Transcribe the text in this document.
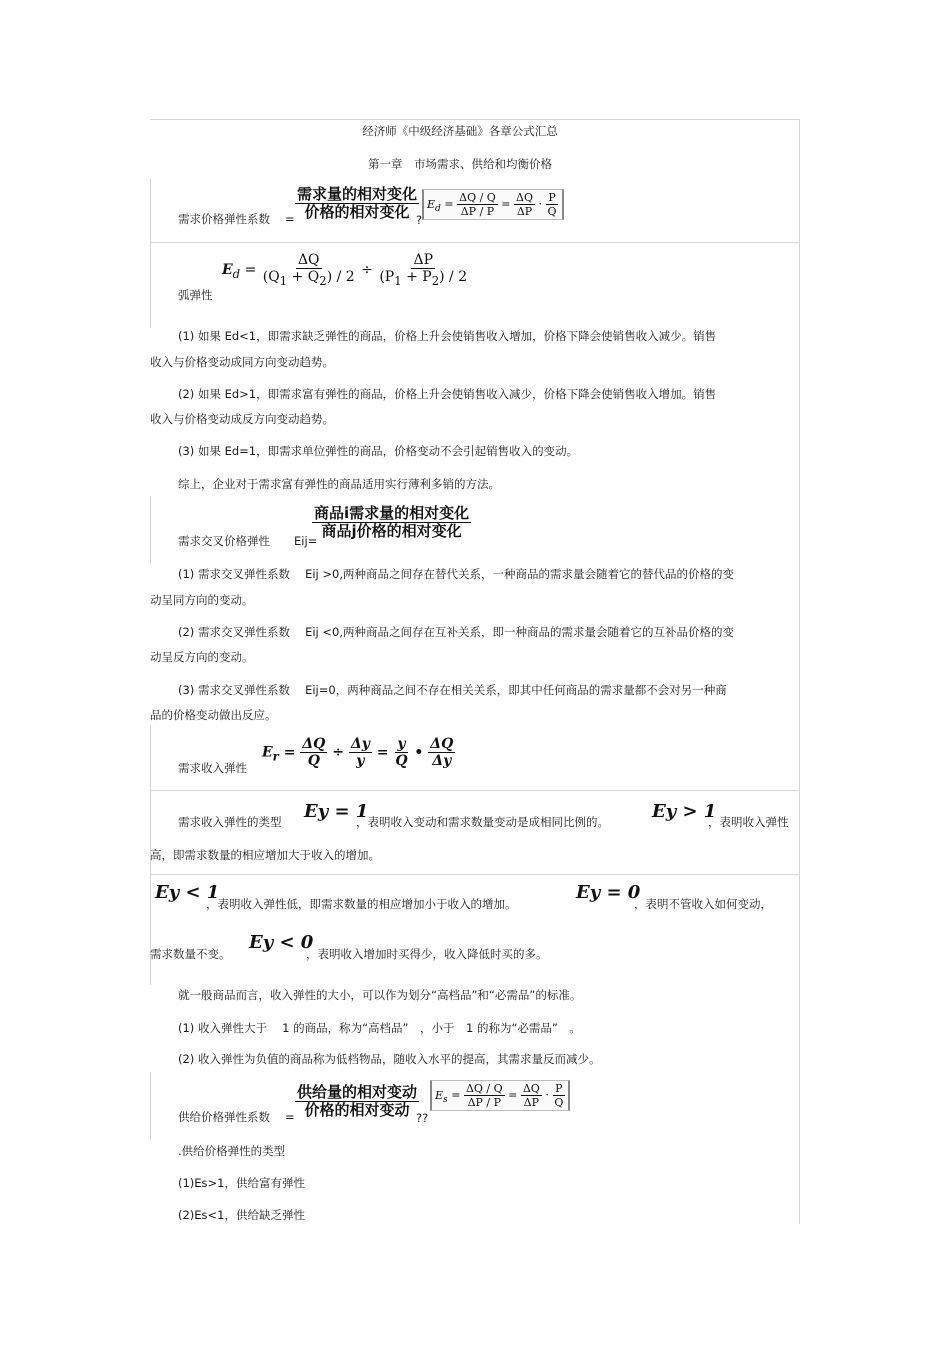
经济师《中级经济基础》各章公式汇总
第一章　市场需求、供给和均衡价格
需求价格弹性系数 = $\frac{\text{需求量的相对变化}}{\text{价格的相对变化}}$
?
$E_d = \frac{\Delta Q / Q}{\Delta P / P} = \frac{\Delta Q}{\Delta P} \cdot \frac{P}{Q}$
弧弹性
$E_d = \frac{\Delta Q}{(Q_1 + Q_2) / 2} \div \frac{\Delta P}{(P_1 + P_2) / 2}$
(1) 如果 Ed<1，即需求缺乏弹性的商品，价格上升会使销售收入增加，价格下降会使销售收入减少。销售
收入与价格变动成同方向变动趋势。
(2) 如果 Ed>1，即需求富有弹性的商品，价格上升会使销售收入减少，价格下降会使销售收入增加。销售
收入与价格变动成反方向变动趋势。
(3) 如果 Ed=1，即需求单位弹性的商品，价格变动不会引起销售收入的变动。
综上，企业对于需求富有弹性的商品适用实行薄利多销的方法。
需求交叉价格弹性 Eij=
$\frac{\text{商品i需求量的相对变化}}{\text{商品j价格的相对变化}}$
(1) 需求交叉弹性系数　 Eij >0,两种商品之间存在替代关系，一种商品的需求量会随着它的替代品的价格的变
动呈同方向的变动。
(2) 需求交叉弹性系数　 Eij <0,两种商品之间存在互补关系，即一种商品的需求量会随着它的互补品价格的变
动呈反方向的变动。
(3) 需求交叉弹性系数　 Eij=0，两种商品之间不存在相关关系，即其中任何商品的需求量都不会对另一种商
品的价格变动做出反应。
需求收入弹性
$E_r = \frac{\Delta Q}{Q} \div \frac{\Delta y}{y} = \frac{y}{Q}$ • $\frac{\Delta Q}{\Delta y}$
需求收入弹性的类型 Ey = 1
，表明收入变动和需求数量变动是成相同比例的。 Ey > 1
，表明收入弹性
高，即需求数量的相应增加大于收入的增加。
Ey < 1
，表明收入弹性低，即需求数量的相应增加小于收入的增加。
Ey = 0
，表明不管收入如何变动，
需求数量不变。
Ey < 0
，表明收入增加时买得少，收入降低时买的多。
就一般商品而言，收入弹性的大小，可以作为划分“高档品”和“必需品”的标准。
(1) 收入弹性大于　 1 的商品，称为“高档品”　，小于　1 的称为“必需品”　。
(2) 收入弹性为负值的商品称为低档物品，随收入水平的提高，其需求量反而减少。
供给价格弹性系数 = $\frac{\text{供给量的相对变动}}{\text{价格的相对变动}}$
??
$E_s = \frac{\Delta Q / Q}{\Delta P / P} = \frac{\Delta Q}{\Delta P} \cdot \frac{P}{Q}$
.供给价格弹性的类型
(1)Es>1，供给富有弹性
(2)Es<1，供给缺乏弹性
